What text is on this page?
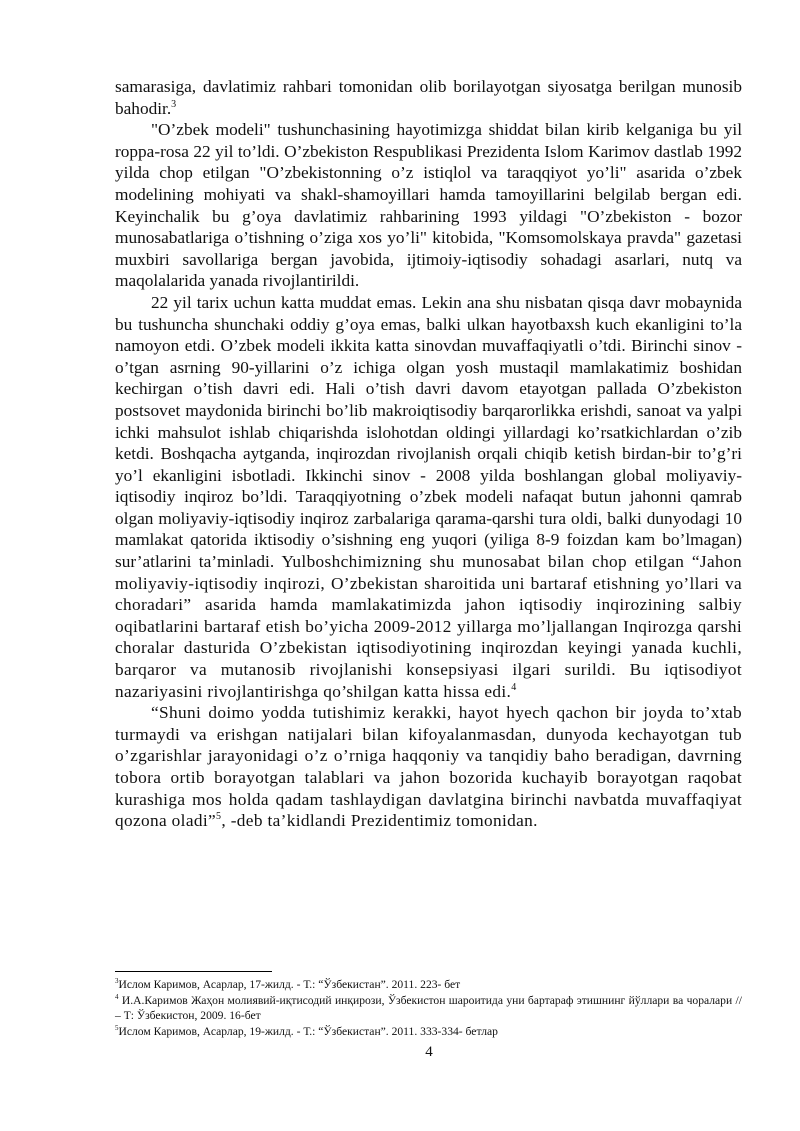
samarasiga, davlatimiz rahbari tomonidan olib borilayotgan siyosatga berilgan munosib bahodir.$^3$

"O’zbek modeli" tushunchasining hayotimizga shiddat bilan kirib kelganiga bu yil roppa-rosa 22 yil to’ldi. O’zbekiston Respublikasi Prezidenta Islom Karimov dastlab 1992 yilda chop etilgan "O’zbekistonning o’z istiqlol va taraqqiyot yo’li" asarida o’zbek modelining mohiyati va shakl-shamoyillari hamda tamoyillarini belgilab bergan edi. Keyinchalik bu g’oya davlatimiz rahbarining 1993 yildagi "O’zbekiston - bozor munosabatlariga o’tishning o’ziga xos yo’li" kitobida, "Komsomolskaya pravda" gazetasi muxbiri savollariga bergan javobida, ijtimoiy-iqtisodiy sohadagi asarlari, nutq va maqolalarida yanada rivojlantirildi.

22 yil tarix uchun katta muddat emas. Lekin ana shu nisbatan qisqa davr mobaynida bu tushuncha shunchaki oddiy g’oya emas, balki ulkan hayotbaxsh kuch ekanligini to’la namoyon etdi. O’zbek modeli ikkita katta sinovdan muvaffaqiyatli o’tdi. Birinchi sinov - o’tgan asrning 90-yillarini o’z ichiga olgan yosh mustaqil mamlakatimiz boshidan kechirgan o’tish davri edi. Hali o’tish davri davom etayotgan pallada O’zbekiston postsovet maydonida birinchi bo’lib makroiqtisodiy barqarorlikka erishdi, sanoat va yalpi ichki mahsulot ishlab chiqarishda islohotdan oldingi yillardagi ko’rsatkichlardan o’zib ketdi. Boshqacha aytganda, inqirozdan rivojlanish orqali chiqib ketish birdan-bir to’g’ri yo’l ekanligini isbotladi. Ikkinchi sinov - 2008 yilda boshlangan global moliyaviy-iqtisodiy inqiroz bo’ldi. Taraqqiyotning o’zbek modeli nafaqat butun jahonni qamrab olgan moliyaviy-iqtisodiy inqiroz zarbalariga qarama-qarshi tura oldi, balki dunyodagi 10 mamlakat qatorida iktisodiy o’sishning eng yuqori (yiliga 8-9 foizdan kam bo’lmagan) sur’atlarini ta’minladi. Yulboshchimizning shu munosabat bilan chop etilgan “Jahon moliyaviy-iqtisodiy inqirozi, O’zbekistan sharoitida uni bartaraf etishning yo’llari va choradari” asarida hamda mamlakatimizda jahon iqtisodiy inqirozining salbiy oqibatlarini bartaraf etish bo’yicha 2009-2012 yillarga mo’ljallangan Inqirozga qarshi choralar dasturida O’zbekistan iqtisodiyotining inqirozdan keyingi yanada kuchli, barqaror va mutanosib rivojlanishi konsepsiyasi ilgari surildi. Bu iqtisodiyot nazariyasini rivojlantirishga qo’shilgan katta hissa edi.$^4$

“Shuni doimo yodda tutishimiz kerakki, hayot hyech qachon bir joyda to’xtab turmaydi va erishgan natijalari bilan kifoyalanmasdan, dunyoda kechayotgan tub o’zgarishlar jarayonidagi o’z o’rniga haqqoniy va tanqidiy baho beradigan, davrning tobora ortib borayotgan talablari va jahon bozorida kuchayib borayotgan raqobat kurashiga mos holda qadam tashlaydigan davlatgina birinchi navbatda muvaffaqiyat qozona oladi”$^5$, -deb ta’kidlandi Prezidentimiz tomonidan.

$^3$Ислом Каримов, Асарлар, 17-жилд. - Т.: “Ўзбекистан”. 2011. 223- бет

$^4$ И.А.Каримов Жаҳон молиявий-иқтисодий инқирози, Ўзбекистон шароитида уни бартараф этишнинг йўллари ва чоралари // – Т: Ўзбекистон, 2009. 16-бет

$^5$Ислом Каримов, Асарлар, 19-жилд. - Т.: “Ўзбекистан”. 2011. 333-334- бетлар

4
